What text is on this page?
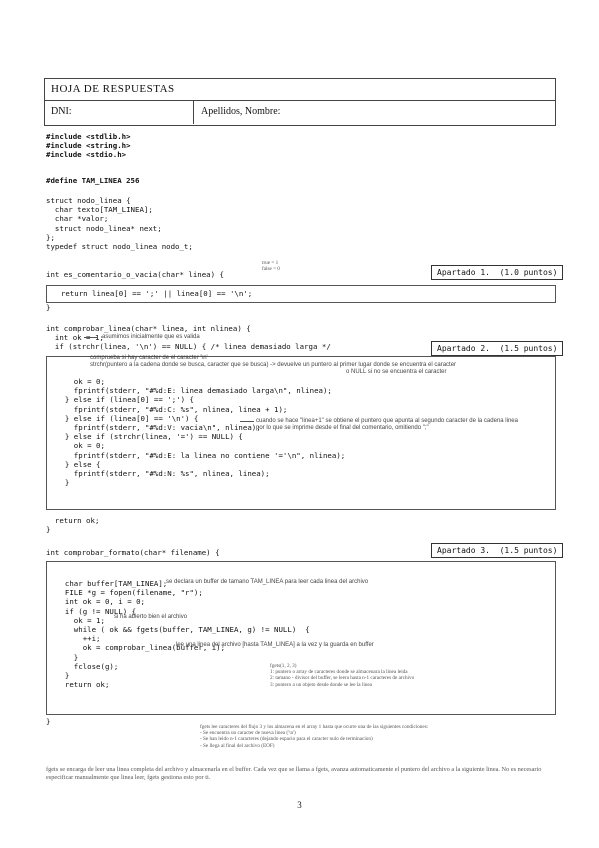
HOJA DE RESPUESTAS
DNI:	Apellidos, Nombre:
#include <stdlib.h>
#include <string.h>
#include <stdio.h>
#define TAM_LINEA 256
struct nodo_linea {
char texto[TAM_LINEA];
char *valor;
struct nodo_linea* next;
};
typedef struct nodo_linea nodo_t;
true = 1
false = 0
int es_comentario_o_vacia(char* linea) {	Apartado 1.  (1.0 puntos)
return linea[0] == ';' || linea[0] == '\n';
}
int comprobar_linea(char* linea, int nlinea) {
int ok = 1;
if (strchr(linea, '\n') == NULL) { /* linea demasiado larga */
asumimos inicialmente que es valida
Apartado 2.  (1.5 puntos)
comprueba si hay caracter de el caracter '\n'
strchr(puntero a la cadena donde se busca, caracter que se busca) -> devuelve un puntero al primer lugar donde se encuentra el caracter
o NULL si no se encuentra el caracter
ok = 0;
fprintf(stderr, "#%d:E: linea demasiado larga\n", nlinea);
} else if (linea[0] == ';') {
fprintf(stderr, "#%d:C: %s", nlinea, linea + 1);
} else if (linea[0] == '\n') {
fprintf(stderr, "#%d:V: vacia\n", nlinea);
} else if (strchr(linea, '=') == NULL) {
ok = 0;
fprintf(stderr, "#%d:E: la linea no contiene '='\n", nlinea);
} else {
fprintf(stderr, "#%d:N: %s", nlinea, linea);
}
cuando se hace "linea+1" se obtiene el puntero que apunta al segundo caracter de la cadena linea
por lo que se imprime desde el final del comentario, omitiendo ";"
return ok;
}
int comprobar_formato(char* filename) {	Apartado 3.  (1.5 puntos)
char buffer[TAM_LINEA];
FILE *g = fopen(filename, "r");
int ok = 0, i = 0;
if (g != NULL) {
ok = 1;
while ( ok && fgets(buffer, TAM_LINEA, g) != NULL)  {
++i;
ok = comprobar_linea(buffer, i);
}
fclose(g);
}
return ok;
se declara un buffer de tamano TAM_LINEA para leer cada linea del archivo
si ha abierto bien el archivo
lee una linea del archivo [hasta TAM_LINEA] a la vez y la guarda en buffer
fgets(1, 2, 3)
1: puntero o array de caracteres donde se almacenara la linea leida
2: tamano - divisor del buffer, se leera hasta n-1 caracteres de archivo
3: puntero a un objeto desde donde se lee la linea
}
fgets lee caracteres del flujo 3 y los almacena en el array 1 hasta que ocurre una de las siguientes condiciones:
- Se encuentra un caracter de nueva linea ('\n')
- Se han leido n-1 caracteres (dejando espacio para el caracter nulo de terminacion)
- Se llega al final del archivo (EOF)
fgets se encarga de leer una linea completa del archivo y almacenarla en el buffer. Cada vez que se llama a fgets, avanza automaticamente el puntero del archivo a la siguiente linea. No es necesario especificar manualmente que linea leer, fgets gestiona esto por ti.
3
